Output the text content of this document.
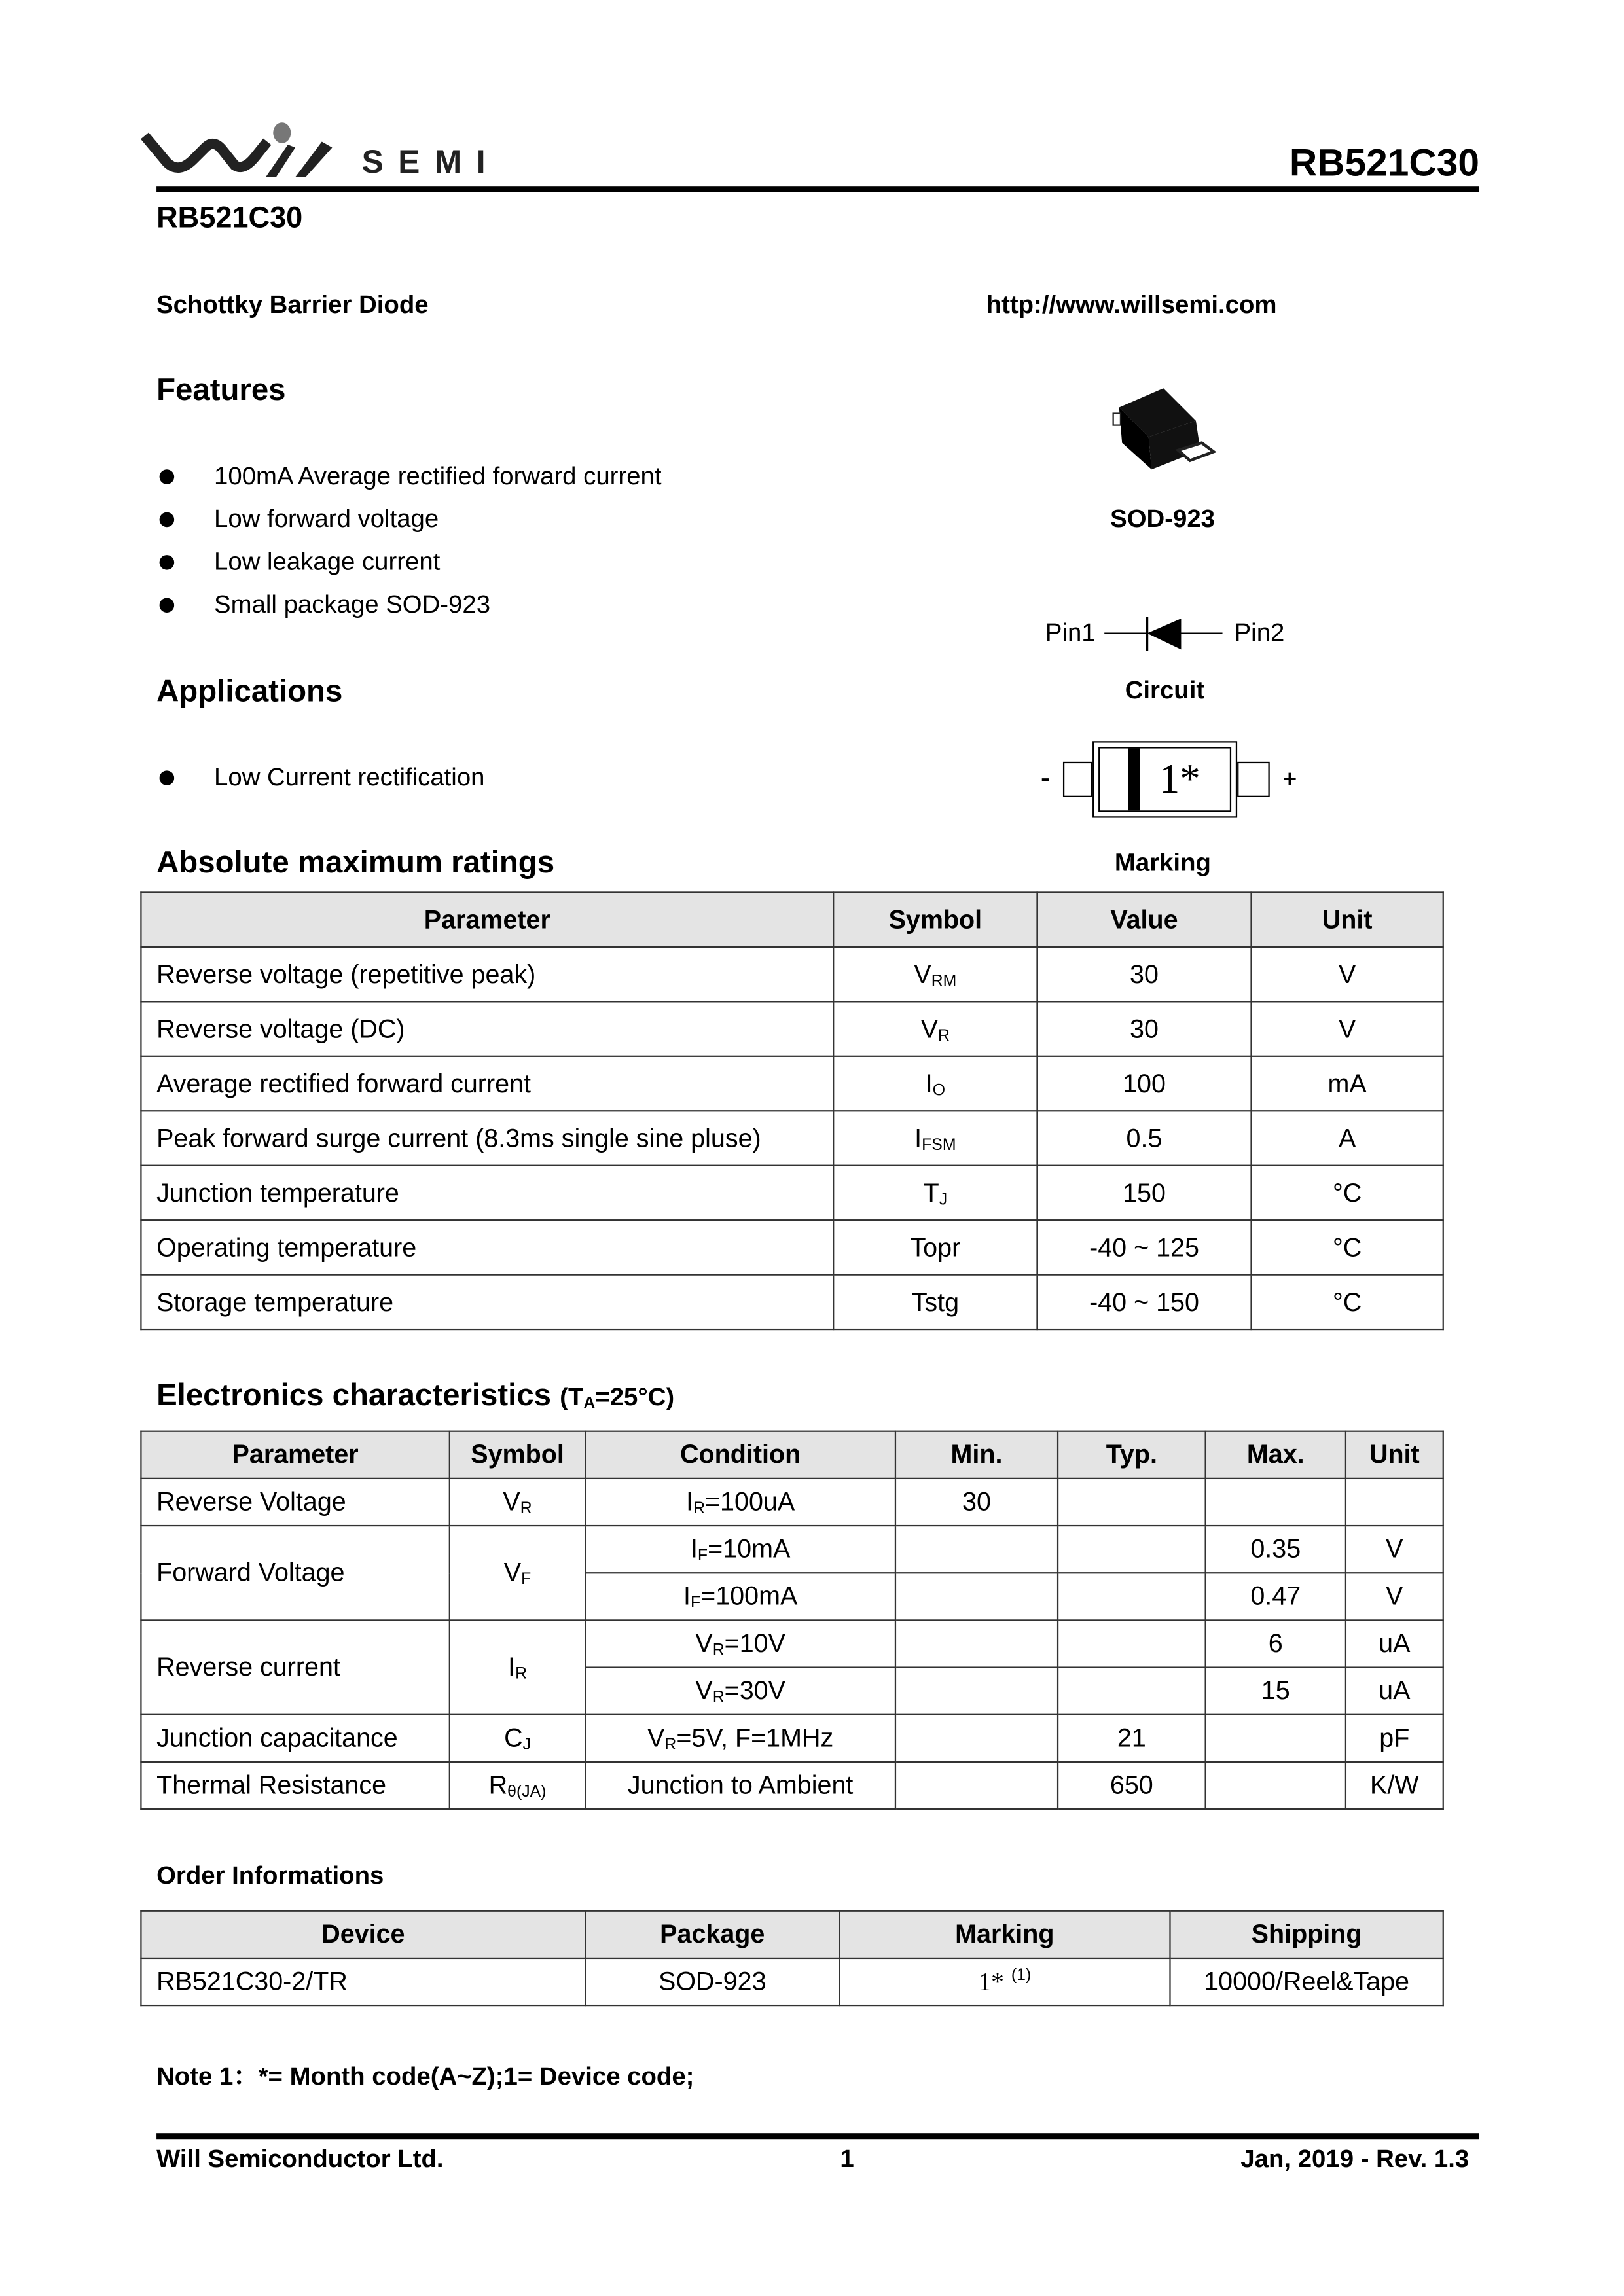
SEMI	RB521C30
RB521C30
Schottky Barrier Diode	http://www.willsemi.com
Features
100mA Average rectified forward current
Low forward voltage
Low leakage current
Small package SOD-923
Applications
Low Current rectification
SOD-923
Pin1	Pin2
Circuit
-	1*	+
Marking
Absolute maximum ratings
Parameter	Symbol	Value	Unit
Reverse voltage (repetitive peak)	$V_{RM}$	30	V
Reverse voltage (DC)	$V_R$	30	V
Average rectified forward current	$I_O$	100	mA
Peak forward surge current (8.3ms single sine pluse)	$I_{FSM}$	0.5	A
Junction temperature	$T_J$	150	°C
Operating temperature	Topr	-40 ~ 125	°C
Storage temperature	Tstg	-40 ~ 150	°C
Electronics characteristics $(T_A=25^\circ C)$
Parameter	Symbol	Condition	Min.	Typ.	Max.	Unit
Reverse Voltage	$V_R$	$I_R=100uA$	30			
Forward Voltage	$V_F$	$I_F=10mA$			0.35	V
		$I_F=100mA$			0.47	V
Reverse current	$I_R$	$V_R=10V$			6	uA
		$V_R=30V$			15	uA
Junction capacitance	$C_J$	$V_R=5V$, F=1MHz		21		pF
Thermal Resistance	$R_{\theta(JA)}$	Junction to Ambient		650		K/W
Order Informations
Device	Package	Marking	Shipping
RB521C30-2/TR	SOD-923	1* $^{(1)}$	10000/Reel&Tape
Note 1：*= Month code(A~Z);1= Device code;
Will Semiconductor Ltd.	1	Jan, 2019 - Rev. 1.3
